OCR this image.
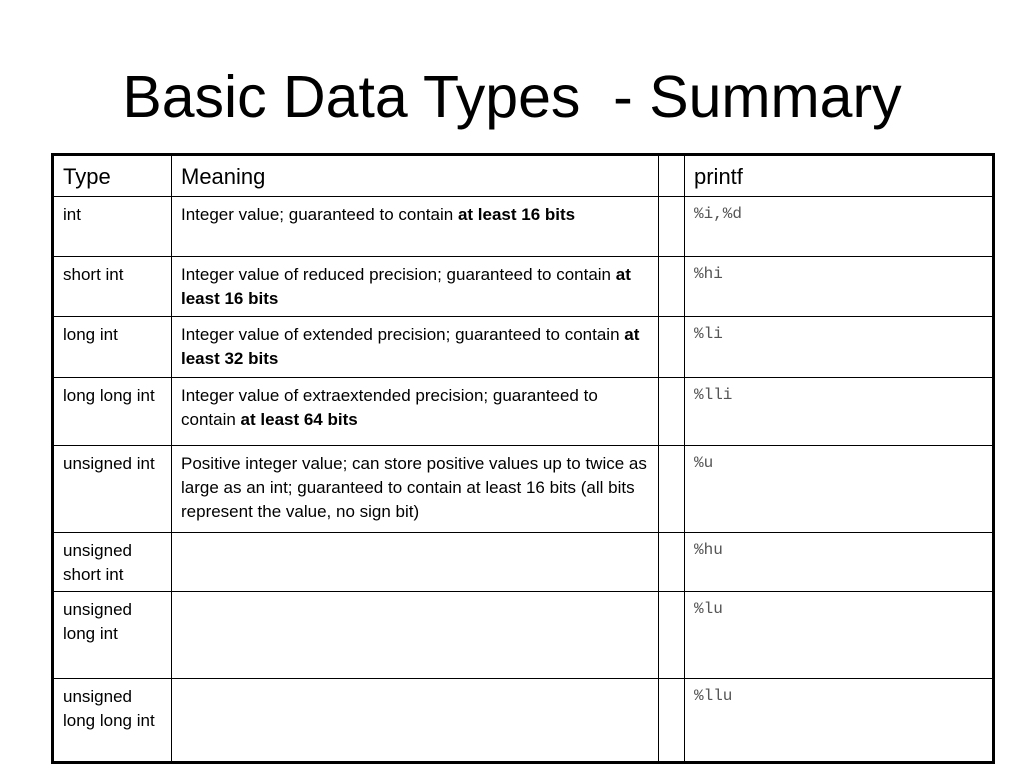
Basic Data Types  - Summary
Type	Meaning		printf

int	Integer value; guaranteed to contain at least 16 bits		%i,%d

short int	Integer value of reduced precision; guaranteed to contain at least 16 bits		%hi

long int	Integer value of extended precision; guaranteed to contain at least 32 bits		%li

long long int	Integer value of extraextended precision; guaranteed to contain at least 64 bits		%lli

unsigned int	Positive integer value; can store positive values up to twice as large as an int; guaranteed to contain at least 16 bits (all bits represent the value, no sign bit)		%u

unsigned short int			%hu

unsigned long int			%lu

unsigned long long int			%llu
